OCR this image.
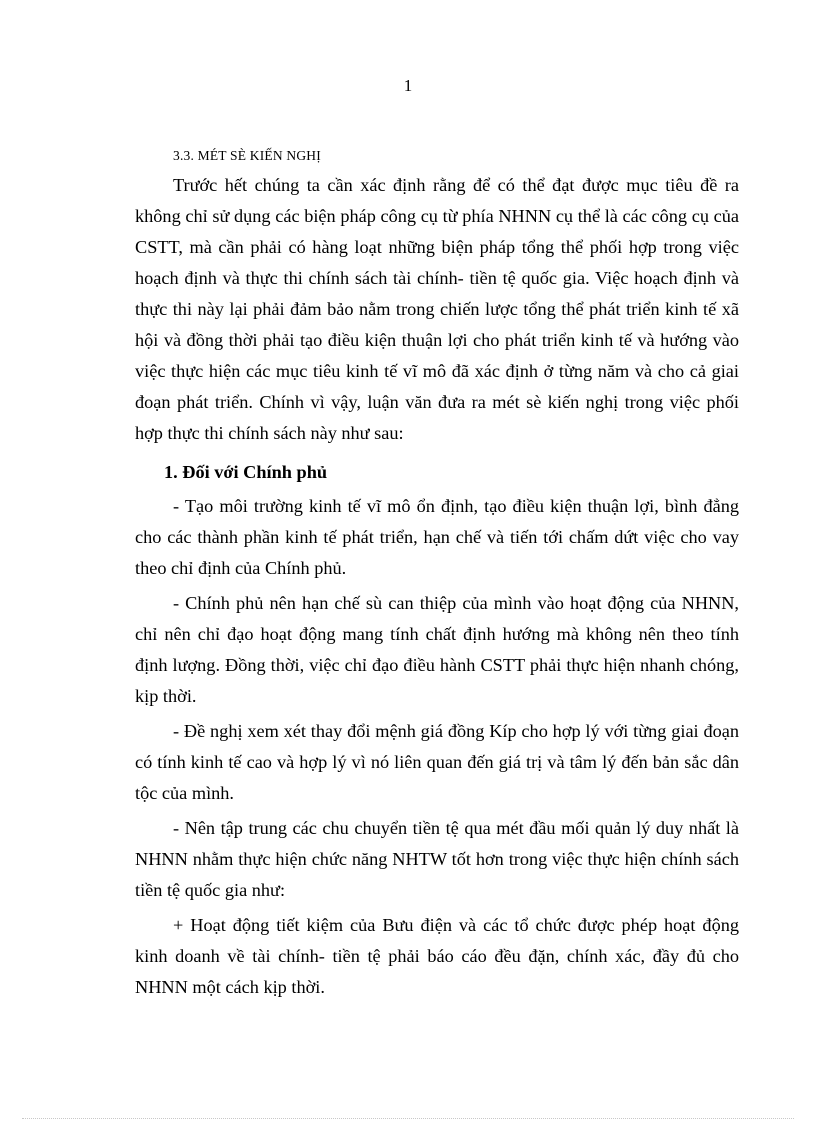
1
3.3. MÉT SÈ KIẾN NGHỊ

Trước hết chúng ta cần xác định rằng để có thể đạt được mục tiêu đề ra không chỉ sử dụng các biện pháp công cụ từ phía NHNN cụ thể là các công cụ của CSTT, mà cần phải có hàng loạt những biện pháp tổng thể phối hợp trong việc hoạch định và thực thi chính sách tài chính- tiền tệ quốc gia. Việc hoạch định và thực thi này lại phải đảm bảo nằm trong chiến lược tổng thể phát triển kinh tế xã hội và đồng thời phải tạo điều kiện thuận lợi cho phát triển kinh tế và hướng vào việc thực hiện các mục tiêu kinh tế vĩ mô đã xác định ở từng năm và cho cả giai đoạn phát triển. Chính vì vậy, luận văn đưa ra mét sè kiến nghị trong việc phối hợp thực thi chính sách này như sau:

1. Đối với Chính phủ

- Tạo môi trường kinh tế vĩ mô ổn định, tạo điều kiện thuận lợi, bình đẳng cho các thành phần kinh tế phát triển, hạn chế và tiến tới chấm dứt việc cho vay theo chỉ định của Chính phủ.

- Chính phủ nên hạn chế sù can thiệp của mình vào hoạt động của NHNN, chỉ nên chỉ đạo hoạt động mang tính chất định hướng mà không nên theo tính định lượng. Đồng thời, việc chỉ đạo điều hành CSTT phải thực hiện nhanh chóng, kịp thời.

- Đề nghị xem xét thay đổi mệnh giá đồng Kíp cho hợp lý với từng giai đoạn có tính kinh tế cao và hợp lý vì nó liên quan đến giá trị và tâm lý đến bản sắc dân tộc của mình.

- Nên tập trung các chu chuyển tiền tệ qua mét đầu mối quản lý duy nhất là NHNN nhằm thực hiện chức năng NHTW tốt hơn trong việc thực hiện chính sách tiền tệ quốc gia như:

+ Hoạt động tiết kiệm của Bưu điện và các tổ chức được phép hoạt động kinh doanh về tài chính- tiền tệ phải báo cáo đều đặn, chính xác, đầy đủ cho NHNN một cách kịp thời.
